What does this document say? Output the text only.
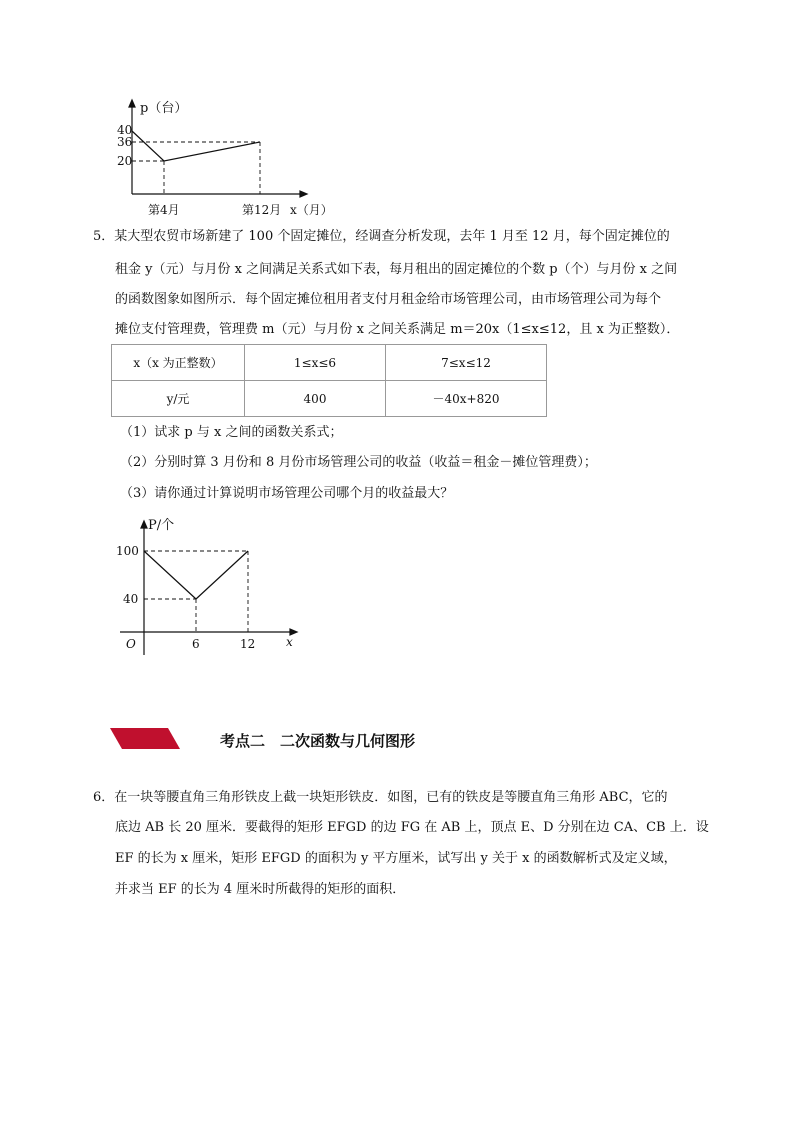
p（台）
40
36
20
第4月	第12月 x（月）
5．某大型农贸市场新建了 100 个固定摊位，经调查分析发现，去年 1 月至 12 月，每个固定摊位的
租金 y（元）与月份 x 之间满足关系式如下表，每月租出的固定摊位的个数 p（个）与月份 x 之间
的函数图象如图所示．每个固定摊位租用者支付月租金给市场管理公司，由市场管理公司为每个
摊位支付管理费，管理费 m（元）与月份 x 之间关系满足 m＝20x（1≤x≤12，且 x 为正整数）．
x（x 为正整数）	1≤x≤6	7≤x≤12
y/元	400	－40x+820
（1）试求 p 与 x 之间的函数关系式；
（2）分别时算 3 月份和 8 月份市场管理公司的收益（收益＝租金－摊位管理费）；
（3）请你通过计算说明市场管理公司哪个月的收益最大？
P/个
100
40
O	6	12	x
考点二　二次函数与几何图形
6．在一块等腰直角三角形铁皮上截一块矩形铁皮．如图，已有的铁皮是等腰直角三角形 ABC，它的
底边 AB 长 20 厘米．要截得的矩形 EFGD 的边 FG 在 AB 上，顶点 E、D 分别在边 CA、CB 上．设
EF 的长为 x 厘米，矩形 EFGD 的面积为 y 平方厘米，试写出 y 关于 x 的函数解析式及定义域，
并求当 EF 的长为 4 厘米时所截得的矩形的面积．
